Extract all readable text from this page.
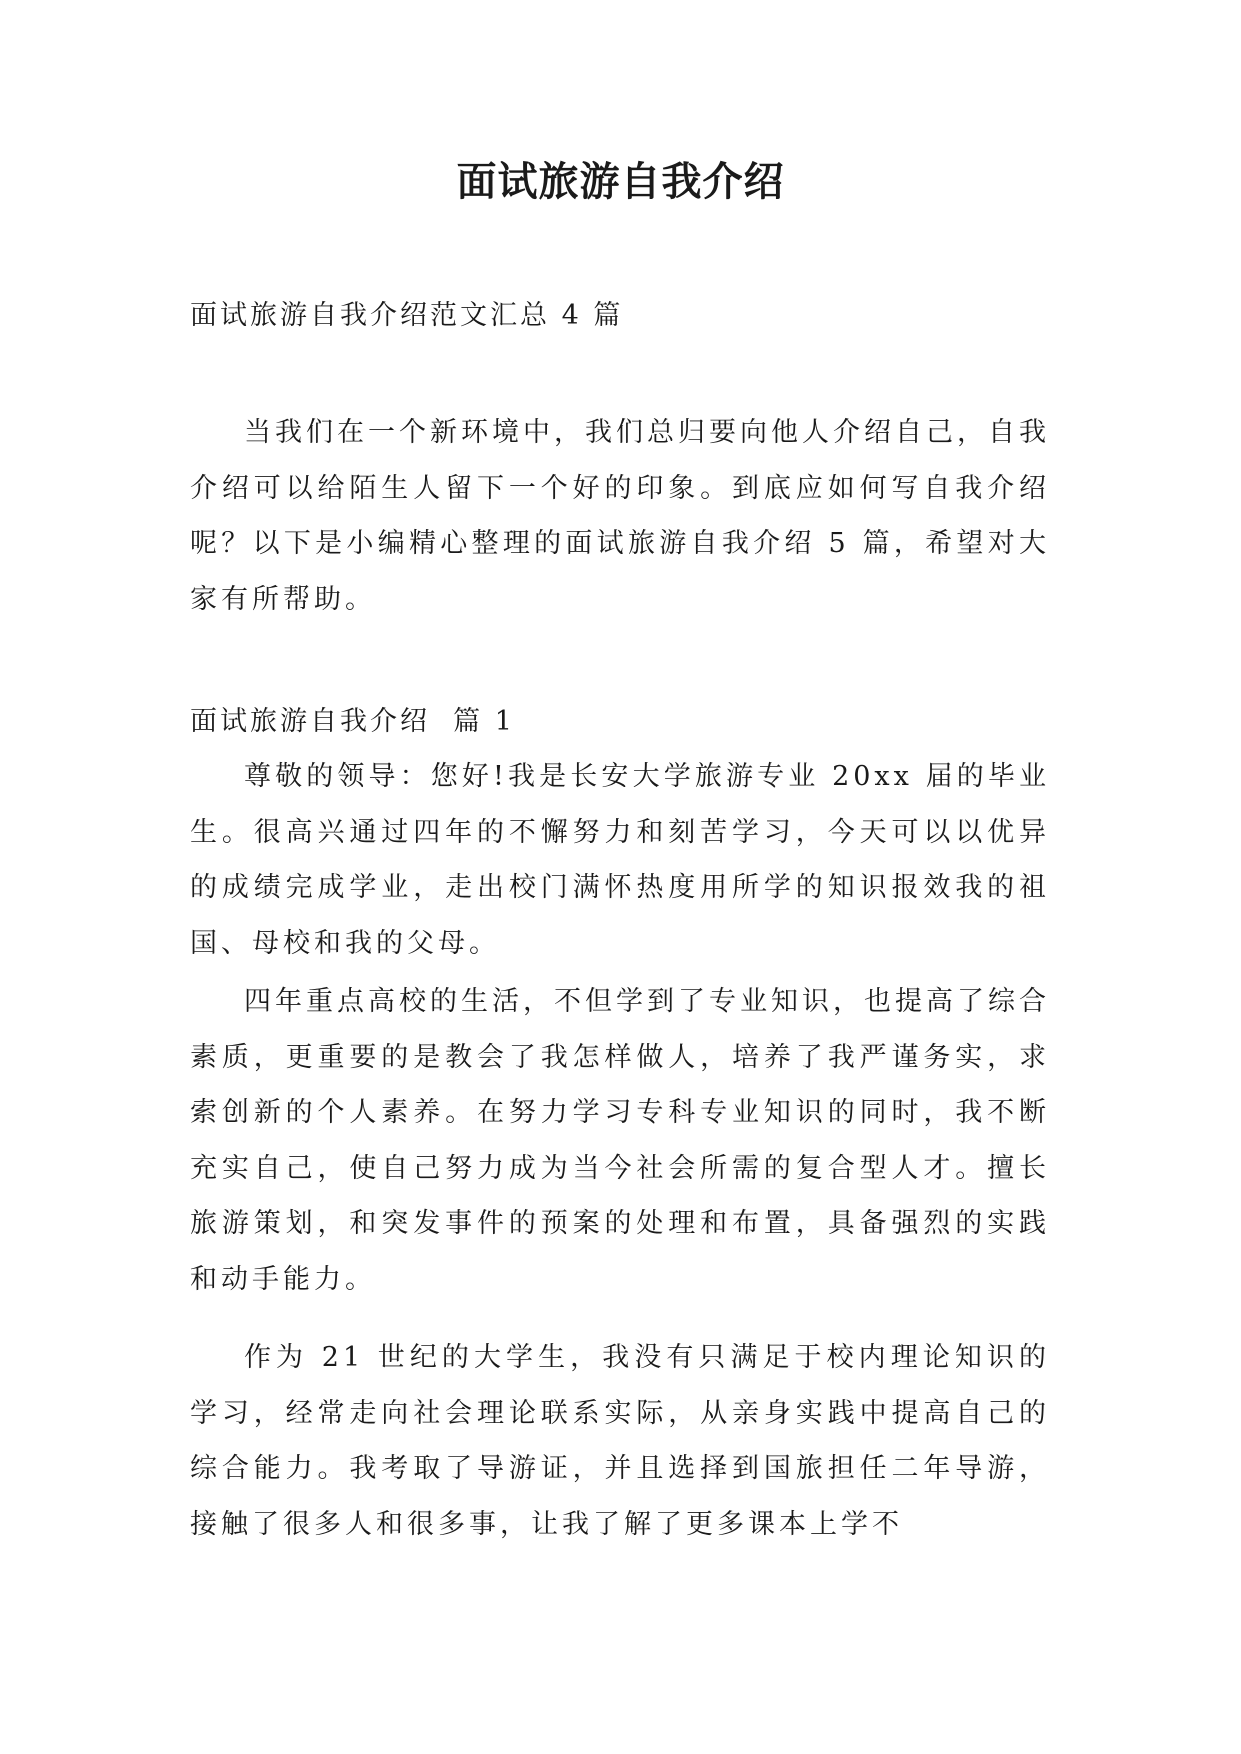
面试旅游自我介绍

面试旅游自我介绍范文汇总 4 篇

当我们在一个新环境中，我们总归要向他人介绍自己，自我介绍可以给陌生人留下一个好的印象。到底应如何写自我介绍呢？以下是小编精心整理的面试旅游自我介绍 5 篇，希望对大家有所帮助。

面试旅游自我介绍 篇 1

尊敬的领导：您好!我是长安大学旅游专业 20xx 届的毕业生。很高兴通过四年的不懈努力和刻苦学习，今天可以以优异的成绩完成学业，走出校门满怀热度用所学的知识报效我的祖国、母校和我的父母。

四年重点高校的生活，不但学到了专业知识，也提高了综合素质，更重要的是教会了我怎样做人，培养了我严谨务实，求索创新的个人素养。在努力学习专科专业知识的同时，我不断充实自己，使自己努力成为当今社会所需的复合型人才。擅长旅游策划，和突发事件的预案的处理和布置，具备强烈的实践和动手能力。

作为 21 世纪的大学生，我没有只满足于校内理论知识的学习，经常走向社会理论联系实际，从亲身实践中提高自己的综合能力。我考取了导游证，并且选择到国旅担任二年导游，接触了很多人和很多事，让我了解了更多课本上学不
